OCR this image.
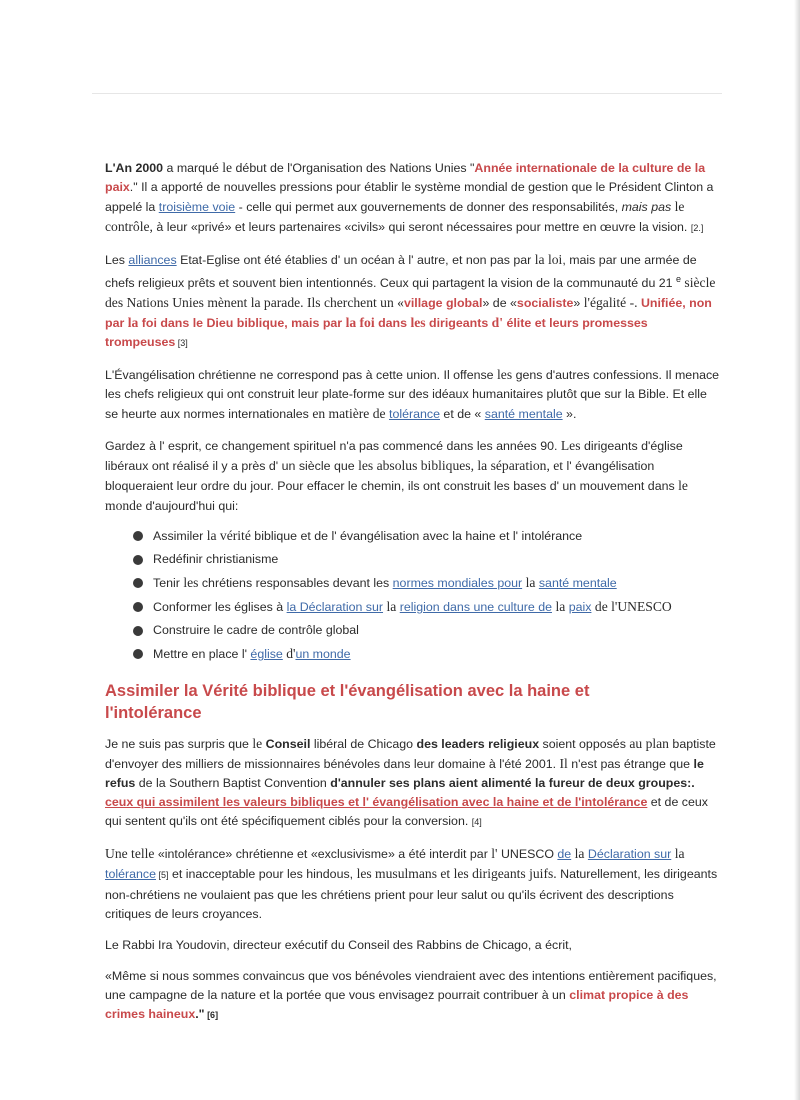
L'An 2000 a marqué le début de l'Organisation des Nations Unies "Année internationale de la culture de la paix." Il a apporté de nouvelles pressions pour établir le système mondial de gestion que le Président Clinton a appelé la troisième voie - celle qui permet aux gouvernements de donner des responsabilités, mais pas le contrôle, à leur «privé» et leurs partenaires «civils» qui seront nécessaires pour mettre en œuvre la vision. [2.]

Les alliances Etat-Eglise ont été établies d' un océan à l' autre, et non pas par la loi, mais par une armée de chefs religieux prêts et souvent bien intentionnés. Ceux qui partagent la vision de la communauté du 21 $^e$ siècle des Nations Unies mènent la parade. Ils cherchent un «village global» de «socialiste» l'égalité -. Unifiée, non par la foi dans le Dieu biblique, mais par la foi dans les dirigeants d' élite et leurs promesses trompeuses [3]

L'Évangélisation chrétienne ne correspond pas à cette union. Il offense les gens d'autres confessions. Il menace les chefs religieux qui ont construit leur plate-forme sur des idéaux humanitaires plutôt que sur la Bible. Et elle se heurte aux normes internationales en matière de tolérance et de « santé mentale ».

Gardez à l' esprit, ce changement spirituel n'a pas commencé dans les années 90. Les dirigeants d'église libéraux ont réalisé il y a près d' un siècle que les absolus bibliques, la séparation, et l' évangélisation bloqueraient leur ordre du jour. Pour effacer le chemin, ils ont construit les bases d' un mouvement dans le monde d'aujourd'hui qui:

Assimiler la vérité biblique et de l' évangélisation avec la haine et l' intolérance
Redéfinir christianisme
Tenir les chrétiens responsables devant les normes mondiales pour la santé mentale
Conformer les églises à la Déclaration sur la religion dans une culture de la paix de l'UNESCO
Construire le cadre de contrôle global
Mettre en place l' église d'un monde
Assimiler la Vérité biblique et l'évangélisation avec la haine et l'intolérance

Je ne suis pas surpris que le Conseil libéral de Chicago des leaders religieux soient opposés au plan baptiste d'envoyer des milliers de missionnaires bénévoles dans leur domaine à l'été 2001. Il n'est pas étrange que le refus de la Southern Baptist Convention d'annuler ses plans aient alimenté la fureur de deux groupes:. ceux qui assimilent les valeurs bibliques et l' évangélisation avec la haine et de l'intolérance et de ceux qui sentent qu'ils ont été spécifiquement ciblés pour la conversion. [4]

Une telle «intolérance» chrétienne et «exclusivisme» a été interdit par l' UNESCO de la Déclaration sur la tolérance [5] et inacceptable pour les hindous, les musulmans et les dirigeants juifs. Naturellement, les dirigeants non-chrétiens ne voulaient pas que les chrétiens prient pour leur salut ou qu'ils écrivent des descriptions critiques de leurs croyances.

Le Rabbi Ira Youdovin, directeur exécutif du Conseil des Rabbins de Chicago, a écrit,

«Même si nous sommes convaincus que vos bénévoles viendraient avec des intentions entièrement pacifiques, une campagne de la nature et la portée que vous envisagez pourrait contribuer à un climat propice à des crimes haineux." [6]
